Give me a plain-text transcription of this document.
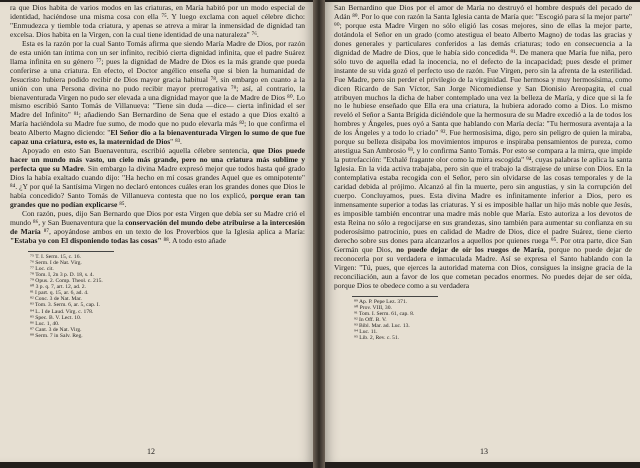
ra que Dios habita de varios modos en las criaturas, en María habitó por un modo especial de identidad, haciéndose una misma cosa con ella ⁷⁵. Y luego exclama con aquel célebre dicho: "Enmudezca y tiemble toda criatura, y apenas se atreva a mirar la inmensidad de dignidad tan excelsa. Dios habita en la Virgen, con la cual tiene identidad de una naturaleza" ⁷⁶.

Esta es la razón por la cual Santo Tomás afirma que siendo María Madre de Dios, por razón de esta unión tan íntima con un ser infinito, recibió cierta dignidad infinita, que el padre Suárez llama infinita en su género ⁷⁷; pues la dignidad de Madre de Dios es la más grande que pueda conferirse a una criatura. En efecto, el Doctor angélico enseña que si bien la humanidad de Jesucristo hubiera podido recibir de Dios mayor gracia habitual ⁷⁸, sin embargo en cuanto a la unión con una Persona divina no pudo recibir mayor prerrogativa ⁷⁹; así, al contrario, la bienaventurada Virgen no pudo ser elevada a una dignidad mayor que la de Madre de Dios ⁸⁰. Lo mismo escribió Santo Tomás de Villanueva: "Tiene sin duda —dice— cierta infinidad el ser Madre del Infinito" ⁸¹; añadiendo San Bernardino de Sena que el estado a que Dios exaltó a María haciéndola su Madre fue sumo, de modo que no pudo elevarla más ⁸²; lo que confirma el beato Alberto Magno diciendo: "El Señor dio a la bienaventurada Virgen lo sumo de que fue capaz una criatura, esto es, la maternidad de Dios" ⁸³.

Apoyado en esto San Buenaventura, escribió aquella célebre sentencia, que Dios puede hacer un mundo más vasto, un cielo más grande, pero no una criatura más sublime y perfecta que su Madre. Sin embargo la divina Madre expresó mejor que todos hasta qué grado Dios la había exaltado cuando dijo: "Ha hecho en mí cosas grandes Aquel que es omnipotente" ⁸⁴. ¿Y por qué la Santísima Virgen no declaró entonces cuáles eran los grandes dones que Dios le había concedido? Santo Tomás de Villanueva contesta que no los explicó, porque eran tan grandes que no podían explicarse ⁸⁵.

Con razón, pues, dijo San Bernardo que Dios por esta Virgen que debía ser su Madre crió el mundo ⁸⁶, y San Buenaventura que la conservación del mundo debe atribuirse a la intercesión de María ⁸⁷, apoyándose ambos en un texto de los Proverbios que la Iglesia aplica a María: "Estaba yo con El disponiendo todas las cosas" ⁸⁸. A todo esto añade

⁷⁵ T. I. Serm. 15, c. 16.
⁷⁶ Serm. I de Nat. Virg.
⁷⁷ Loc. cit.
⁷⁸ Tom. I, 2n 3 p. D. 18, s. 4.
⁷⁹ Opus. 2. Comp. Theol. c. 215.
⁸⁰ 3 p. q. 7, art. 12, ad. 2.
⁸¹ I part. q. 15, ar. 6, ad. 4.
⁸² Conc. 3 de Nat. Mar.
⁸³ Tom. 3. Serm. 6, ar. 5, cap. I.
⁸⁴ L. I de Laud. Virg. c. 178.
⁸⁵ Spec. B. V. Lect. 10.
⁸⁶ Luc. 1, 40.
⁸⁷ Cant. 3 de Nat. Virg.
⁸⁸ Serm. 7 in Salv. Reg.
12

San Bernardino que Dios por el amor de María no destruyó el hombre después del pecado de Adán ⁸⁹. Por lo que con razón la Santa Iglesia canta de María que: "Escogió para sí la mejor parte" ⁹⁰; porque esta Madre Virgen no sólo eligió las cosas mejores, sino de ellas la mejor parte, dotándola el Señor en un grado (como atestigua el beato Alberto Magno) de todas las gracias y dones generales y particulares conferidos a las demás criaturas; todo en consecuencia a la dignidad de Madre de Dios, que le había sido concedida ⁹¹. De manera que María fue niña, pero sólo tuvo de aquella edad la inocencia, no el defecto de la incapacidad; pues desde el primer instante de su vida gozó el perfecto uso de razón. Fue Virgen, pero sin la afrenta de la esterilidad. Fue Madre, pero sin perder el privilegio de la virginidad. Fue hermosa y muy hermosísima, como dicen Ricardo de San Víctor, San Jorge Nicomediense y San Dionisio Areopagita, el cual atribuyen muchos la dicha de haber contemplado una vez la belleza de María, y dice que si la fe no le hubiese enseñado que Ella era una criatura, la hubiera adorado como a Dios. Lo mismo reveló el Señor a Santa Brígida diciéndole que la hermosura de su Madre excedió a la de todos los hombres y Ángeles, pues oyó a Santa que hablando con María decía: "Tu hermosura aventaja a la de los Ángeles y a todo lo criado" ⁹². Fue hermosísima, digo, pero sin peligro de quien la miraba, porque su belleza disipaba los movimientos impuros e inspiraba pensamientos de pureza, como atestigua San Ambrosio ⁹³, y lo confirma Santo Tomás. Por esto se compara a la mirra, que impide la putrefacción: "Exhalé fragante olor como la mirra escogida" ⁹⁴, cuyas palabras le aplica la santa Iglesia. En la vida activa trabajaba, pero sin que el trabajo la distrajese de unirse con Dios. En la contemplativa estaba recogida con el Señor, pero sin olvidarse de las cosas temporales y de la caridad debida al prójimo. Alcanzó al fin la muerte, pero sin angustias, y sin la corrupción del cuerpo. Concluyamos, pues. Esta divina Madre es infinitamente inferior a Dios, pero es inmensamente superior a todas las criaturas. Y si es imposible hallar un hijo más noble que Jesús, es imposible también encontrar una madre más noble que María. Esto autoriza a los devotos de esta Reina no sólo a regocijarse en sus grandezas, sino también para aumentar su confianza en su poderosísimo patrocinio, pues en calidad de Madre de Dios, dice el padre Suárez, tiene cierto derecho sobre sus dones para alcanzarlos a aquellos por quienes ruega ⁹⁵. Por otra parte, dice San Germán que Dios, no puede dejar de oír los ruegos de María, porque no puede dejar de reconocerla por su verdadera e inmaculada Madre. Así se expresa el Santo hablando con la Virgen: "Tú, pues, que ejerces la autoridad materna con Dios, consigues la insigne gracia de la reconciliación, aun a favor de los que cometan pecados enormes. No puedes dejar de ser oída, porque Dios te obedece como a su verdadera

⁸⁹ Ap. P. Pepe Lez. 371.
⁹⁰ Prov. VIII, 30.
⁹¹ Tom. I. Serm. 61, cap. 8.
⁹² In Off. B. V.
⁹³ Bibl. Mar. ad. Luc. 13.
⁹⁴ Luc. 11.
⁹⁵ Lib. 2, Rev. c. 51.
13
